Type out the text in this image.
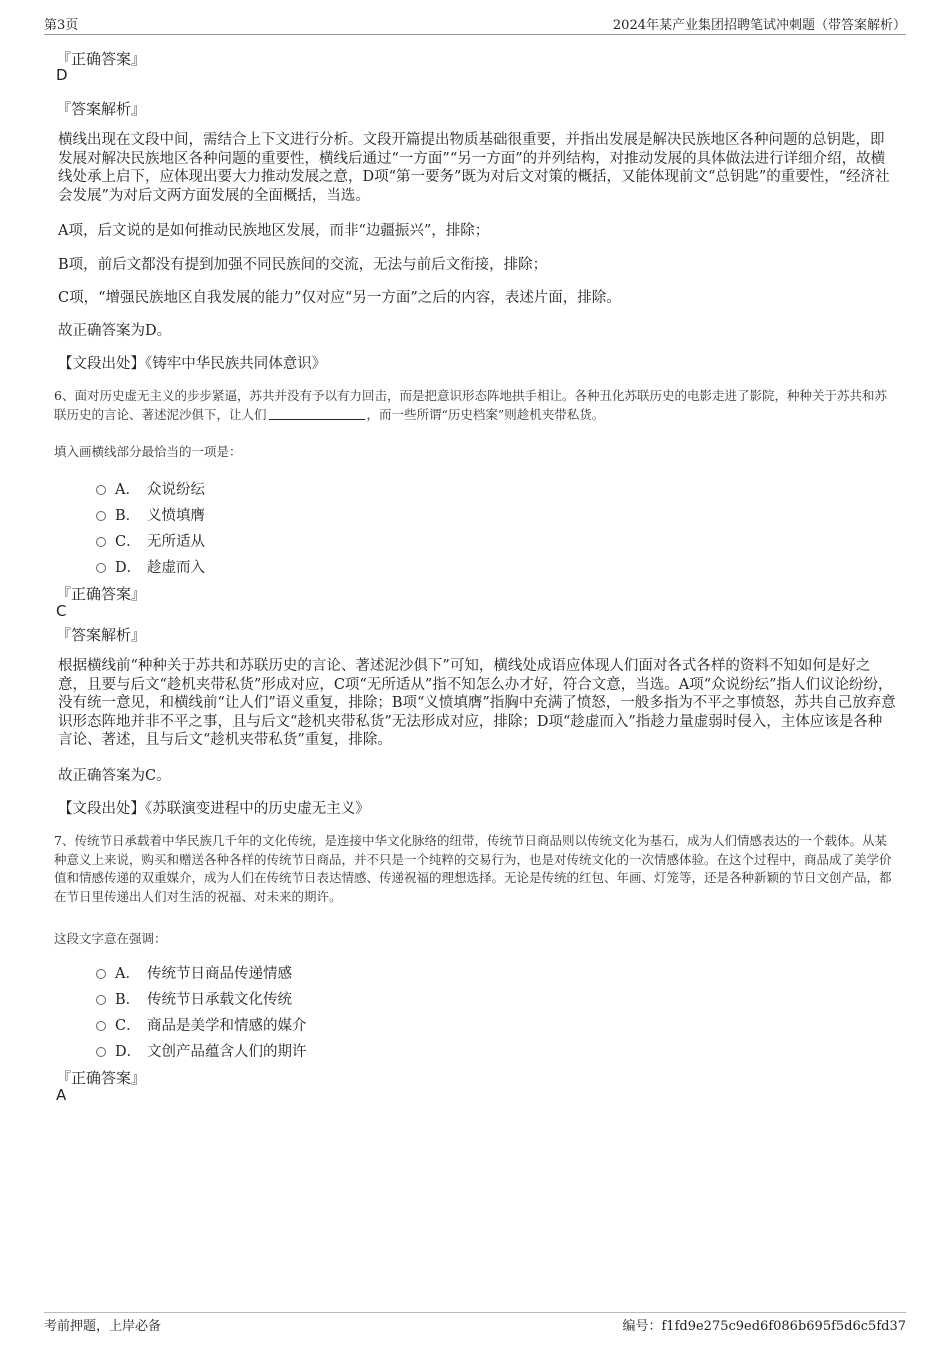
第3页	2024年某产业集团招聘笔试冲刺题（带答案解析）
『正确答案』
D
『答案解析』
横线出现在文段中间，需结合上下文进行分析。文段开篇提出物质基础很重要，并指出发展是解决民族地区各种问题的总钥匙，即发展对解决民族地区各种问题的重要性，横线后通过“一方面”“另一方面”的并列结构，对推动发展的具体做法进行详细介绍，故横线处承上启下，应体现出要大力推动发展之意，D项“第一要务”既为对后文对策的概括，又能体现前文“总钥匙”的重要性，“经济社会发展”为对后文两方面发展的全面概括，当选。
A项，后文说的是如何推动民族地区发展，而非“边疆振兴”，排除；
B项，前后文都没有提到加强不同民族间的交流，无法与前后文衔接，排除；
C项，“增强民族地区自我发展的能力”仅对应“另一方面”之后的内容，表述片面，排除。
故正确答案为D。
【文段出处】《铸牢中华民族共同体意识》
6、面对历史虚无主义的步步紧逼，苏共并没有予以有力回击，而是把意识形态阵地拱手相让。各种丑化苏联历史的电影走进了影院，种种关于苏共和苏联历史的言论、著述泥沙俱下，让人们	，而一些所谓“历史档案”则趁机夹带私货。
填入画横线部分最恰当的一项是：
A． 众说纷纭
B． 义愤填膺
C． 无所适从
D． 趁虚而入
『正确答案』
C
『答案解析』
根据横线前“种种关于苏共和苏联历史的言论、著述泥沙俱下”可知，横线处成语应体现人们面对各式各样的资料不知如何是好之意，且要与后文“趁机夹带私货”形成对应，C项“无所适从”指不知怎么办才好，符合文意，当选。A项“众说纷纭”指人们议论纷纷，没有统一意见，和横线前“让人们”语义重复，排除；B项“义愤填膺”指胸中充满了愤怒，一般多指为不平之事愤怒，苏共自己放弃意识形态阵地并非不平之事，且与后文“趁机夹带私货”无法形成对应，排除；D项“趁虚而入”指趁力量虚弱时侵入，主体应该是各种言论、著述，且与后文“趁机夹带私货”重复，排除。
故正确答案为C。
【文段出处】《苏联演变进程中的历史虚无主义》
7、传统节日承载着中华民族几千年的文化传统，是连接中华文化脉络的纽带，传统节日商品则以传统文化为基石，成为人们情感表达的一个载体。从某种意义上来说，购买和赠送各种各样的传统节日商品，并不只是一个纯粹的交易行为，也是对传统文化的一次情感体验。在这个过程中，商品成了美学价值和情感传递的双重媒介，成为人们在传统节日表达情感、传递祝福的理想选择。无论是传统的红包、年画、灯笼等，还是各种新颖的节日文创产品，都在节日里传递出人们对生活的祝福、对未来的期许。
这段文字意在强调：
A． 传统节日商品传递情感
B． 传统节日承载文化传统
C． 商品是美学和情感的媒介
D． 文创产品蕴含人们的期许
『正确答案』
A
考前押题，上岸必备	编号：f1fd9e275c9ed6f086b695f5d6c5fd37
